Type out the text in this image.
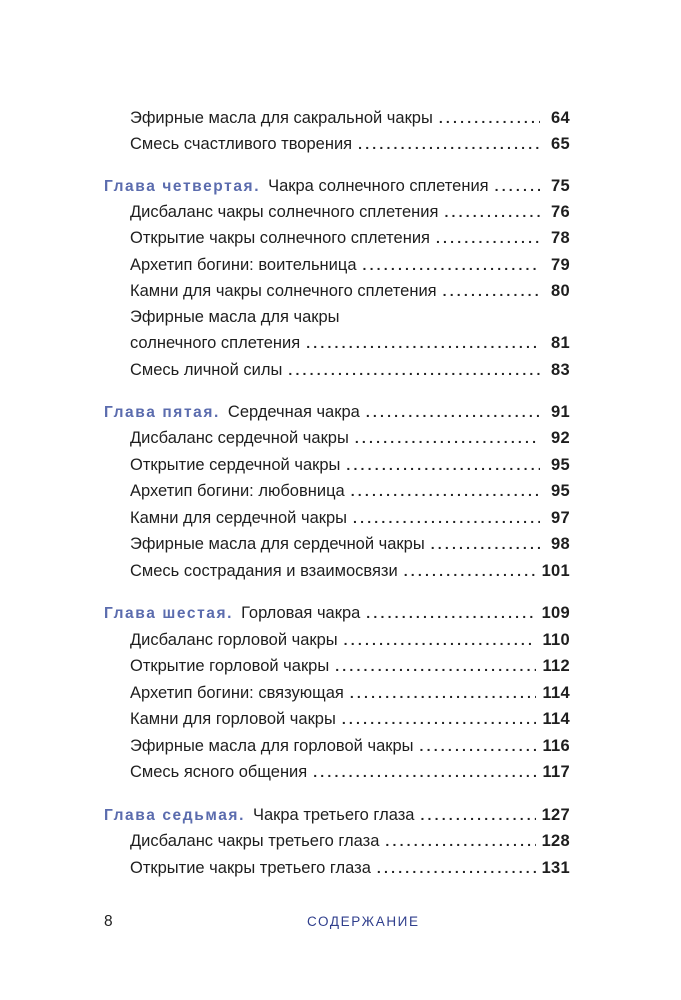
Эфирные масла для сакральной чакры .....	64
Смесь счастливого творения .....	65
Глава четвертая. Чакра солнечного сплетения .....	75
Дисбаланс чакры солнечного сплетения .....	76
Открытие чакры солнечного сплетения .....	78
Архетип богини: воительница .....	79
Камни для чакры солнечного сплетения .....	80
Эфирные масла для чакры
солнечного сплетения .....	81
Смесь личной силы .....	83
Глава пятая. Сердечная чакра .....	91
Дисбаланс сердечной чакры .....	92
Открытие сердечной чакры .....	95
Архетип богини: любовница .....	95
Камни для сердечной чакры .....	97
Эфирные масла для сердечной чакры .....	98
Смесь сострадания и взаимосвязи .....	101
Глава шестая. Горловая чакра .....	109
Дисбаланс горловой чакры .....	110
Открытие горловой чакры .....	112
Архетип богини: связующая .....	114
Камни для горловой чакры .....	114
Эфирные масла для горловой чакры .....	116
Смесь ясного общения .....	117
Глава седьмая. Чакра третьего глаза .....	127
Дисбаланс чакры третьего глаза .....	128
Открытие чакры третьего глаза .....	131
8	СОДЕРЖАНИЕ
